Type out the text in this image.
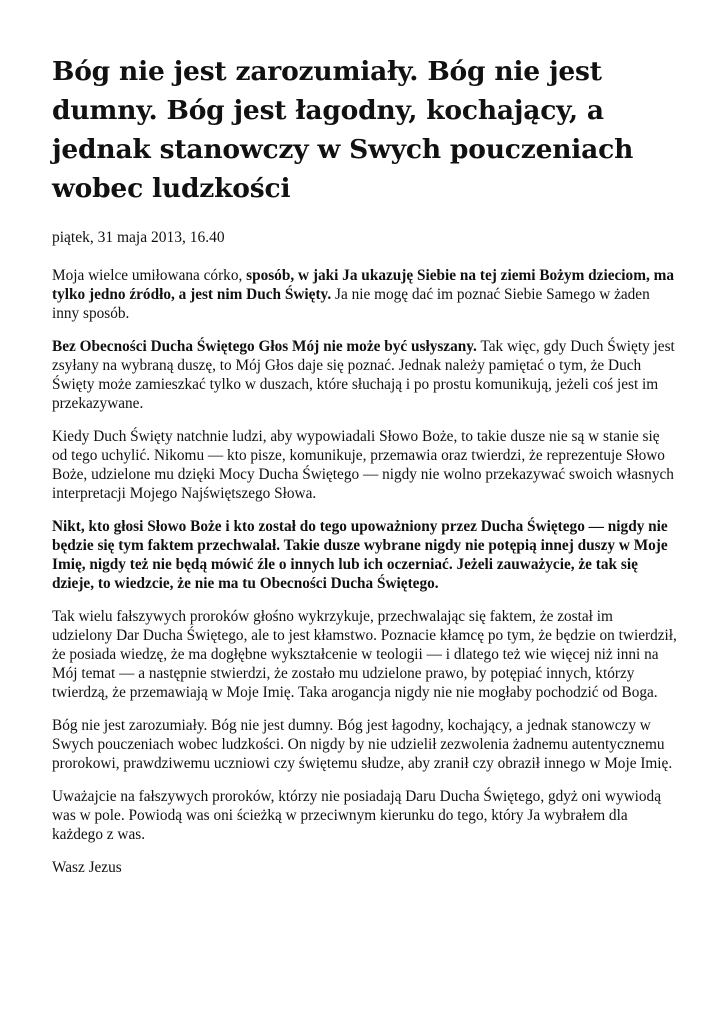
Bóg nie jest zarozumiały. Bóg nie jest dumny. Bóg jest łagodny, kochający, a jednak stanowczy w Swych pouczeniach wobec ludzkości

piątek, 31 maja 2013, 16.40

Moja wielce umiłowana córko, sposób, w jaki Ja ukazuję Siebie na tej ziemi Bożym dzieciom, ma tylko jedno źródło, a jest nim Duch Święty. Ja nie mogę dać im poznać Siebie Samego w żaden inny sposób.

Bez Obecności Ducha Świętego Głos Mój nie może być usłyszany. Tak więc, gdy Duch Święty jest zsyłany na wybraną duszę, to Mój Głos daje się poznać. Jednak należy pamiętać o tym, że Duch Święty może zamieszkać tylko w duszach, które słuchają i po prostu komunikują, jeżeli coś jest im przekazywane.

Kiedy Duch Święty natchnie ludzi, aby wypowiadali Słowo Boże, to takie dusze nie są w stanie się od tego uchylić. Nikomu — kto pisze, komunikuje, przemawia oraz twierdzi, że reprezentuje Słowo Boże, udzielone mu dzięki Mocy Ducha Świętego — nigdy nie wolno przekazywać swoich własnych interpretacji Mojego Najświętszego Słowa.

Nikt, kto głosi Słowo Boże i kto został do tego upoważniony przez Ducha Świętego — nigdy nie będzie się tym faktem przechwalał. Takie dusze wybrane nigdy nie potępią innej duszy w Moje Imię, nigdy też nie będą mówić źle o innych lub ich oczerniać. Jeżeli zauważycie, że tak się dzieje, to wiedzcie, że nie ma tu Obecności Ducha Świętego.

Tak wielu fałszywych proroków głośno wykrzykuje, przechwalając się faktem, że został im udzielony Dar Ducha Świętego, ale to jest kłamstwo. Poznacie kłamcę po tym, że będzie on twierdził, że posiada wiedzę, że ma dogłębne wykształcenie w teologii — i dlatego też wie więcej niż inni na Mój temat — a następnie stwierdzi, że zostało mu udzielone prawo, by potępiać innych, którzy twierdzą, że przemawiają w Moje Imię. Taka arogancja nigdy nie nie mogłaby pochodzić od Boga.

Bóg nie jest zarozumiały. Bóg nie jest dumny. Bóg jest łagodny, kochający, a jednak stanowczy w Swych pouczeniach wobec ludzkości. On nigdy by nie udzielił zezwolenia żadnemu autentycznemu prorokowi, prawdziwemu uczniowi czy świętemu słudze, aby zranił czy obraził innego w Moje Imię.

Uważajcie na fałszywych proroków, którzy nie posiadają Daru Ducha Świętego, gdyż oni wywiodą was w pole. Powiodą was oni ścieżką w przeciwnym kierunku do tego, który Ja wybrałem dla każdego z was.

Wasz Jezus
